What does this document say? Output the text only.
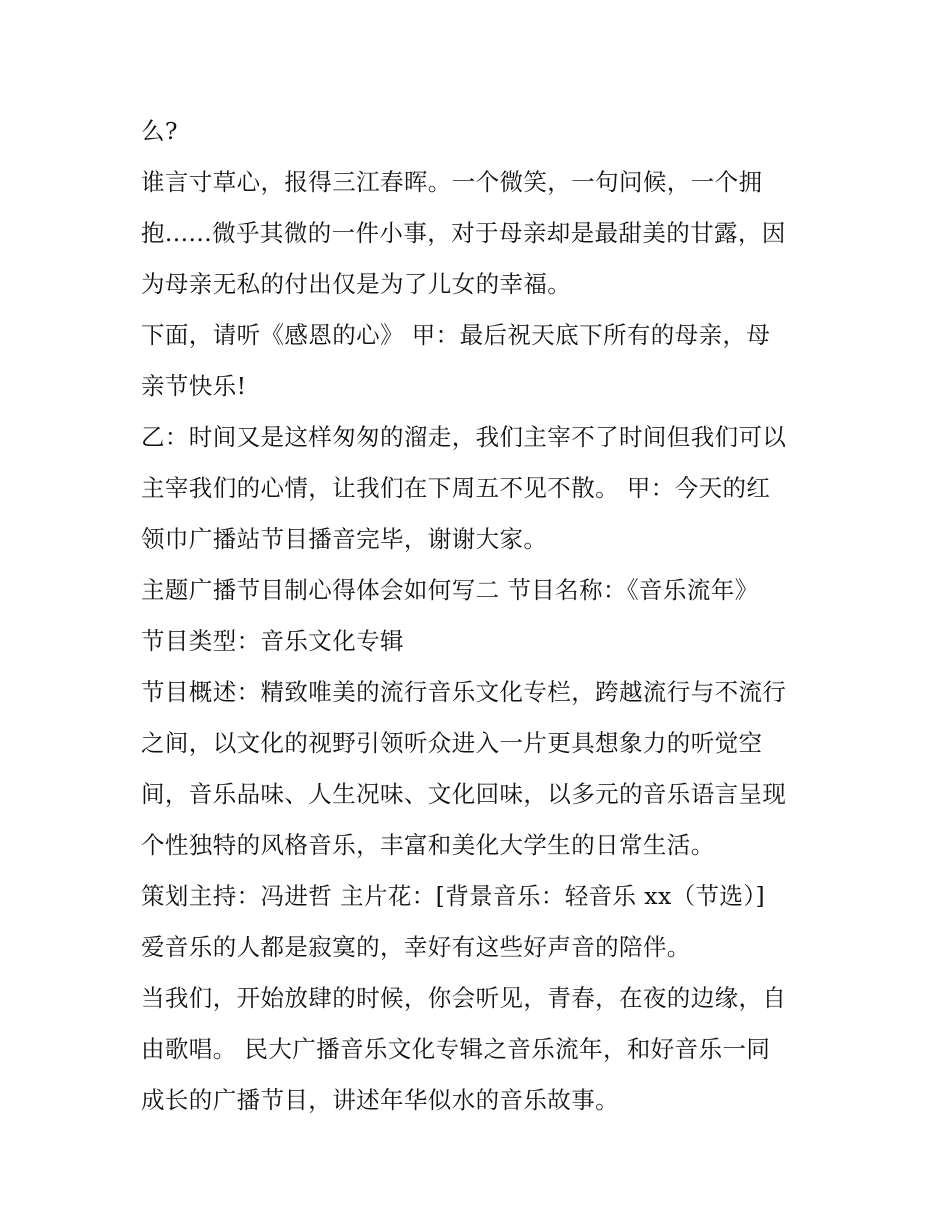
么?
谁言寸草心，报得三江春晖。一个微笑，一句问候，一个拥
抱......微乎其微的一件小事，对于母亲却是最甜美的甘露，因
为母亲无私的付出仅是为了儿女的幸福。
下面，请听《感恩的心》 甲：最后祝天底下所有的母亲，母
亲节快乐!
乙：时间又是这样匆匆的溜走，我们主宰不了时间但我们可以
主宰我们的心情，让我们在下周五不见不散。 甲：今天的红
领巾广播站节目播音完毕，谢谢大家。
主题广播节目制心得体会如何写二 节目名称：《音乐流年》
节目类型：音乐文化专辑
节目概述：精致唯美的流行音乐文化专栏，跨越流行与不流行
之间，以文化的视野引领听众进入一片更具想象力的听觉空
间，音乐品味、人生况味、文化回味，以多元的音乐语言呈现
个性独特的风格音乐，丰富和美化大学生的日常生活。
策划主持：冯进哲 主片花：[背景音乐：轻音乐 xx（节选）]
爱音乐的人都是寂寞的，幸好有这些好声音的陪伴。
当我们，开始放肆的时候，你会听见，青春，在夜的边缘，自
由歌唱。 民大广播音乐文化专辑之音乐流年，和好音乐一同
成长的广播节目，讲述年华似水的音乐故事。
